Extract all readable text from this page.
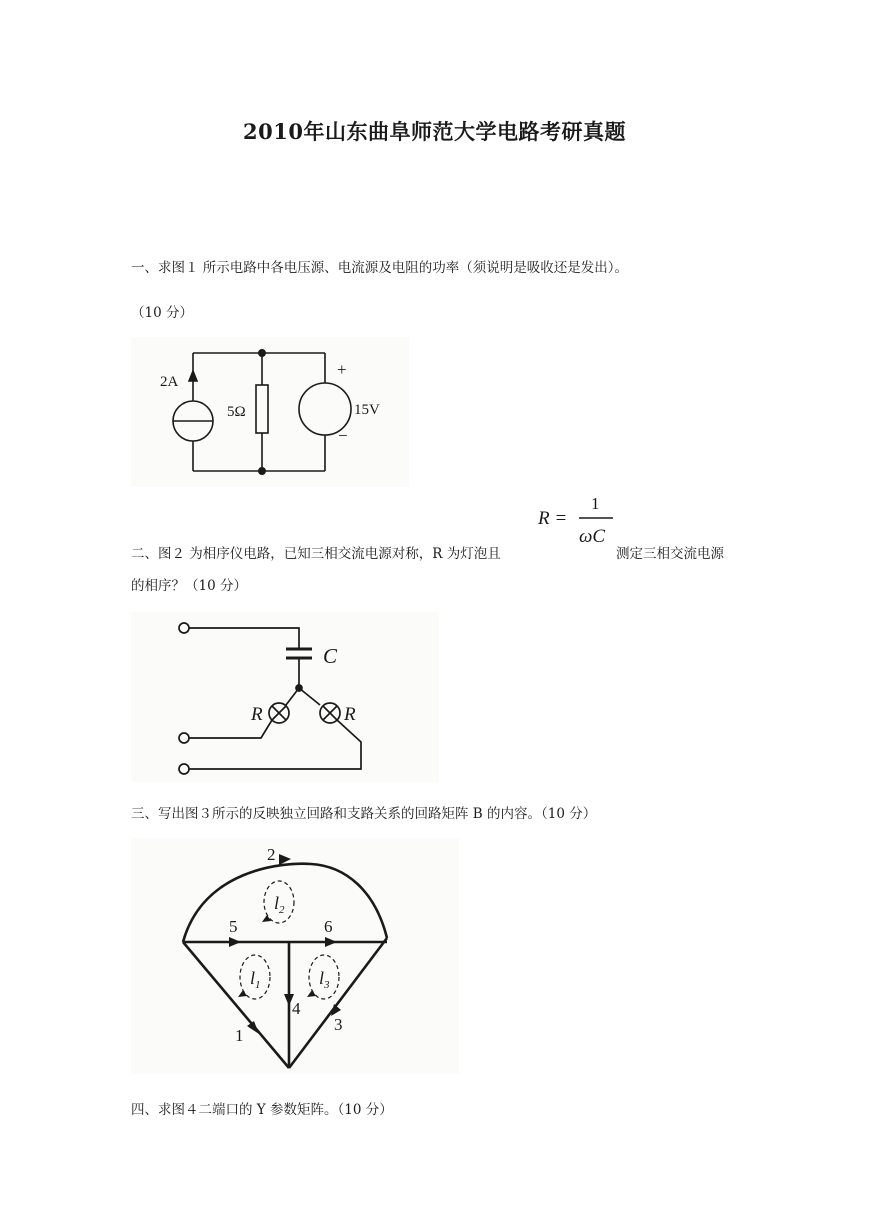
2010年山东曲阜师范大学电路考研真题
一、求图１ 所示电路中各电压源、电流源及电阻的功率（须说明是吸收还是发出）。
（10 分）
2A
5Ω	15V
+
−
二、图２ 为相序仪电路，已知三相交流电源对称，R 为灯泡且
R =
1
ωC
测定三相交流电源
的相序？（10 分）
C
R	R
三、写出图３所示的反映独立回路和支路关系的回路矩阵 B 的内容。（10 分）
2
5	6
1
4
3
$l_2$
$l_1$	$l_3$
四、求图４二端口的 Y 参数矩阵。（10 分）
